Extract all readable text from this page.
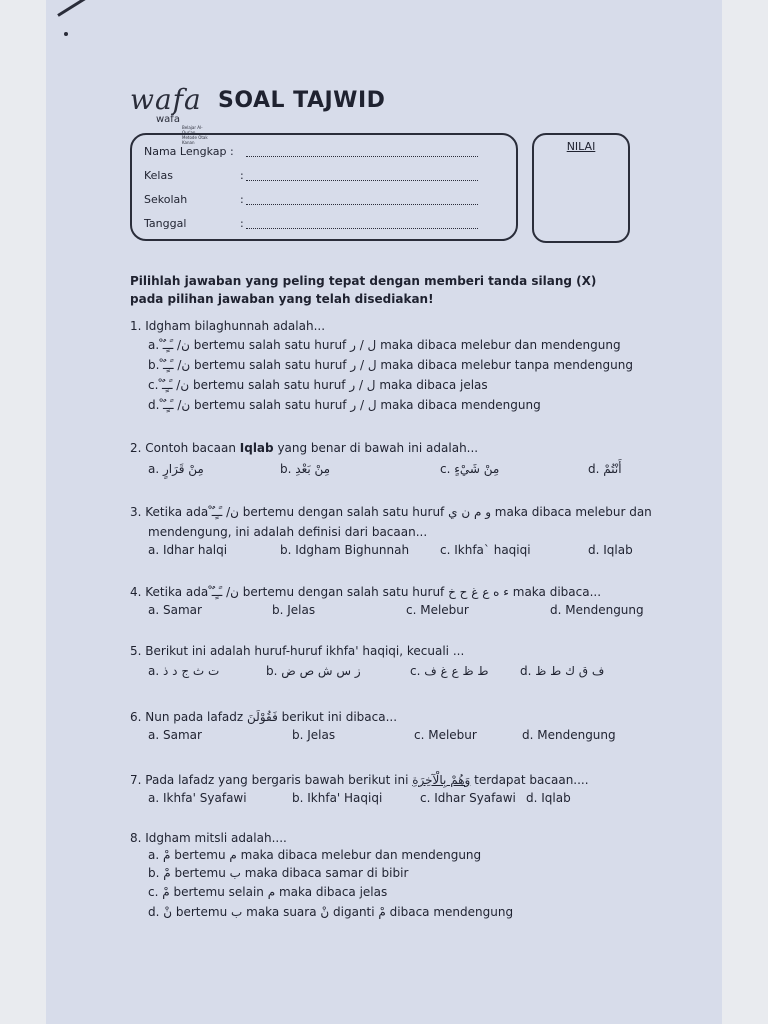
wafa
wafa
Belajar Al-Qur'an Metode Otak Kanan
SOAL TAJWID
Nama Lengkap :
Kelas	:
Sekolah	:
Tanggal	:
NILAI
Pilihlah jawaban yang peling tepat dengan memberi tanda silang (X) pada pilihan jawaban yang telah disediakan!
1. Idgham bilaghunnah adalah...
a. ْن/ ـًـٍـٌ bertemu salah satu huruf ل / ر maka dibaca melebur dan mendengung
b. ْن/ ـًـٍـٌ bertemu salah satu huruf ل / ر maka dibaca melebur tanpa mendengung
c. ْن/ ـًـٍـٌ bertemu salah satu huruf ل / ر maka dibaca jelas
d. ْن/ ـًـٍـٌ bertemu salah satu huruf ل / ر maka dibaca mendengung
2. Contoh bacaan Iqlab yang benar di bawah ini adalah...
a. مِنْ قَرَارٍ	b. مِنْ بَعْدِ	c. مِنْ شَيْءٍ	d. أَنْتُمْ
3. Ketika ada ْن/ ـًـٍـٌ bertemu dengan salah satu huruf و م ن ي maka dibaca melebur dan
mendengung, ini adalah definisi dari bacaan...
a. Idhar halqi	b. Idgham Bighunnah	c. Ikhfa` haqiqi	d. Iqlab
4. Ketika ada ْن/ ـًـٍـٌ bertemu dengan salah satu huruf ء ه ع غ ح خ maka dibaca...
a. Samar	b. Jelas	c. Melebur	d. Mendengung
5. Berikut ini adalah huruf-huruf ikhfa' haqiqi, kecuali ...
a. ت ث ج د ذ	b. ز س ش ص ض	c. ط ظ ع غ ف	d. ف ق ك ط ظ
6. Nun pada lafadz فَقُوْلَنَ berikut ini dibaca...
a. Samar	b. Jelas	c. Melebur	d. Mendengung
7. Pada lafadz yang bergaris bawah berikut ini وَهُمْ بِالْآخِرَةِ terdapat bacaan....
a. Ikhfa' Syafawi	b. Ikhfa' Haqiqi	c. Idhar Syafawi d. Iqlab
8. Idgham mitsli adalah....
a. مْ bertemu م maka dibaca melebur dan mendengung
b. مْ bertemu ب maka dibaca samar di bibir
c. مْ bertemu selain م maka dibaca jelas
d. نْ bertemu ب maka suara نْ diganti مْ dibaca mendengung
